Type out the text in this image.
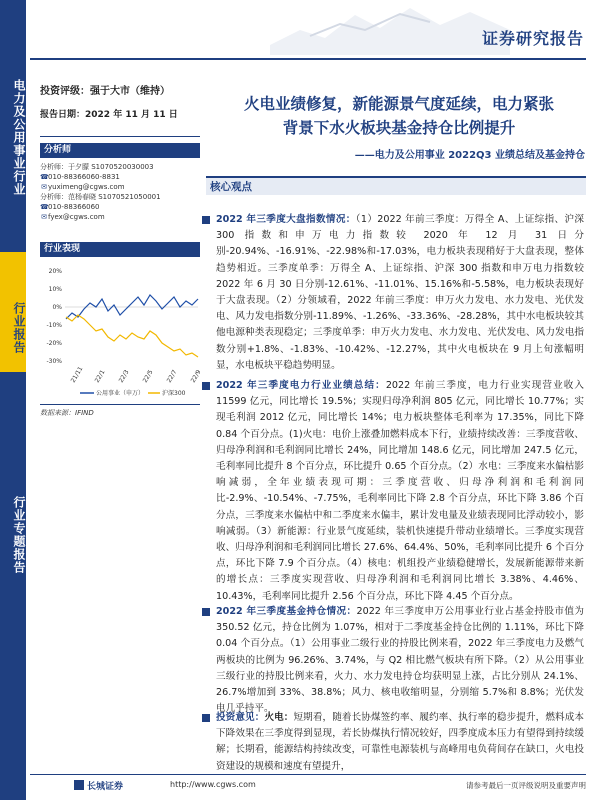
电力及公用事业行业
行业报告
行业专题报告
证券研究报告
投资评级：强于大市（维持）
报告日期：2022 年 11 月 11 日
分析师
分析师：于夕朦 S1070520030003
☎010-88366060-8831
✉yuximeng@cgws.com
分析师：范杨春晓 S1070521050001
☎010-88366060
✉fyex@cgws.com
行业表现
20%
10%
0%
-10%
-20%
-30%
21/11 22/1 22/3 22/5 22/7 22/9
公用事业（申万）	沪深300
数据来源：IFIND
火电业绩修复，新能源景气度延续，电力紧张
背景下水火板块基金持仓比例提升
——电力及公用事业 2022Q3 业绩总结及基金持仓
核心观点
2022 年三季度大盘指数情况：（1）2022 年前三季度：万得全 A、上证综指、沪深 300 指数和申万电力指数较 2020 年 12 月 31 日分别-20.94%、-16.91%、-22.98%和-17.03%，电力板块表现稍好于大盘表现，整体趋势相近。三季度单季：万得全 A、上证综指、沪深 300 指数和申万电力指数较 2022 年 6 月 30 日分别-12.61%、-11.01%、15.16%和-5.58%，电力板块表现好于大盘表现。（2）分领域看，2022 年前三季度：申万火力发电、水力发电、光伏发电、风力发电指数分别-11.89%、-1.26%、-33.36%、-28.28%，其中水电板块较其他电源种类表现稳定；三季度单季：申万火力发电、水力发电、光伏发电、风力发电指数分别+1.8%、-1.83%、-10.42%、-12.27%，其中火电板块在 9 月上旬涨幅明显，水电板块平稳趋势明显。
2022 年三季度电力行业业绩总结：2022 年前三季度，电力行业实现营业收入 11599 亿元，同比增长 19.5%；实现归母净利润 805 亿元，同比增长 10.77%；实现毛利润 2012 亿元，同比增长 14%；电力板块整体毛利率为 17.35%，同比下降 0.84 个百分点。(1)火电：电价上涨叠加燃料成本下行，业绩持续改善：三季度营收、归母净利润和毛利润同比增长 24%，同比增加 148.6 亿元，同比增加 247.5 亿元，毛利率同比提升 8 个百分点，环比提升 0.65 个百分点。（2）水电：三季度来水偏枯影响减弱，全年业绩表现可期：三季度营收、归母净利润和毛利润同比-2.9%、-10.54%、-7.75%，毛利率同比下降 2.8 个百分点，环比下降 3.86 个百分点，三季度来水偏枯中和二季度来水偏丰，累计发电量及业绩表现同比浮动较小，影响减弱。（3）新能源：行业景气度延续，装机快速提升带动业绩增长。三季度实现营收、归母净利润和毛利润同比增长 27.6%、64.4%、50%，毛利率同比提升 6 个百分点，环比下降 7.9 个百分点。（4）核电：机组投产业绩稳健增长，发展新能源带来新的增长点：三季度实现营收、归母净利润和毛利润同比增长 3.38%、4.46%、10.43%，毛利率同比提升 2.56 个百分点，环比下降 4.45 个百分点。
2022 年三季度基金持仓情况：2022 年三季度申万公用事业行业占基金持股市值为 350.52 亿元，持仓比例为 1.07%，相对于二季度基金持仓比例的 1.11%，环比下降 0.04 个百分点。（1）公用事业二级行业的持股比例来看，2022 年三季度电力及燃气两板块的比例为 96.26%、3.74%，与 Q2 相比燃气板块有所下降。（2）从公用事业三级行业的持股比例来看，火力、水力发电持仓均获明显上涨，占比分别从 24.1%、26.7%增加到 33%、38.8%；风力、核电收缩明显，分别缩 5.7%和 8.8%；光伏发电几乎持平。
投资意见：火电：短期看，随着长协煤签约率、履约率、执行率的稳步提升，燃料成本下降效果在三季度得到显现，若长协煤执行情况较好，四季度成本压力有望得到持续缓解；长期看，能源结构持续改变，可靠性电源装机与高峰用电负荷间存在缺口，火电投资建设的规模和速度有望提升，
长城证券	http://www.cgws.com	请参考最后一页评级说明及重要声明
